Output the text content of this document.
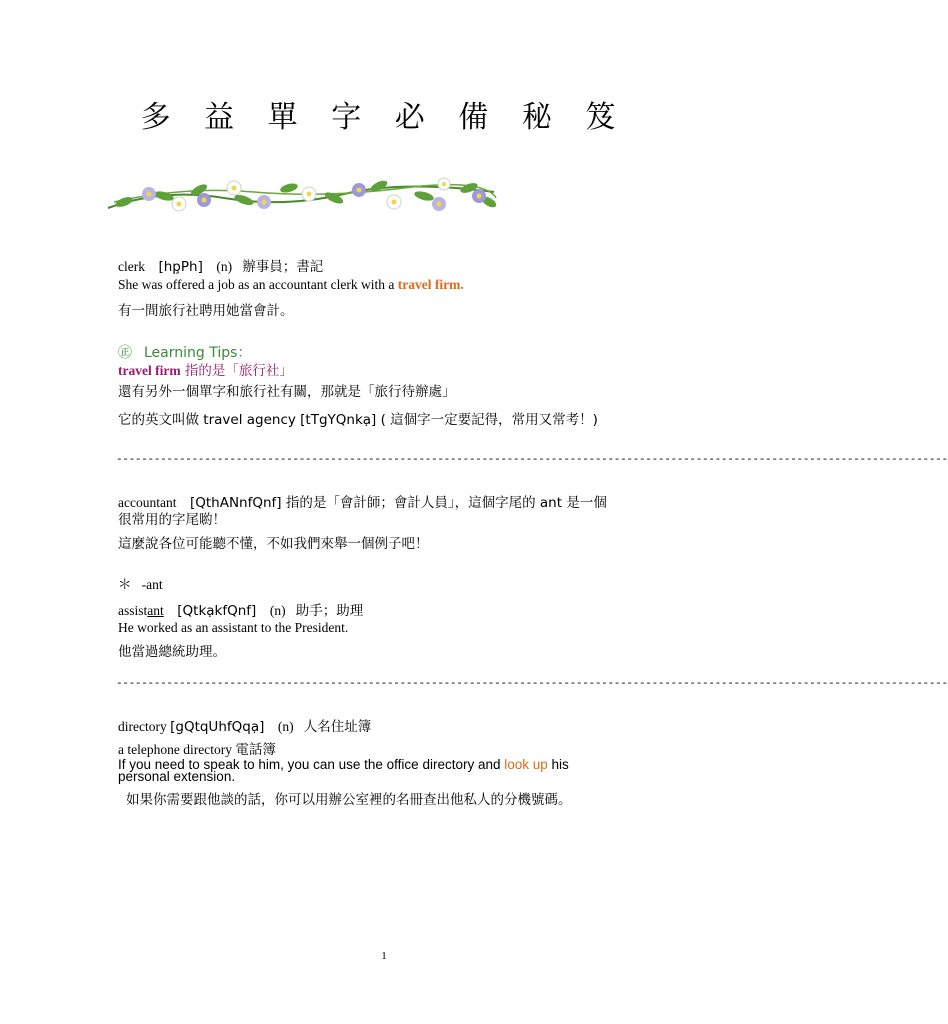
多 益 單 字 必 備 秘 笈
clerk [hp̧Ph] (n) 辦事員；書記
She was offered a job as an accountant clerk with a travel firm.
有一間旅行社聘用她當會計。
㊣ Learning Tips：
travel firm 指的是「旅行社」
還有另外一個單字和旅行社有關，那就是「旅行待辦處」
它的英文叫做 travel agency [tTgYQnkạ] ( 這個字一定要記得，常用又常考！)
------------------------------------------------------------------------------------------------------------------------------------
accountant [QthANnfQnf] 指的是「會計師；會計人員」，這個字尾的 ant 是一個
很常用的字尾喲！
這麼說各位可能聽不懂，不如我們來舉一個例子吧！
＊ -ant
assistant [QtkạkfQnf] (n) 助手；助理
He worked as an assistant to the President.
他當過總統助理。
------------------------------------------------------------------------------------------------------------------------------------
directory [gQtqUhfQqạ] (n) 人名住址簿
a telephone directory 電話簿
If you need to speak to him, you can use the office directory and look up his
personal extension.
如果你需要跟他談的話，你可以用辦公室裡的名冊查出他私人的分機號碼。
1
